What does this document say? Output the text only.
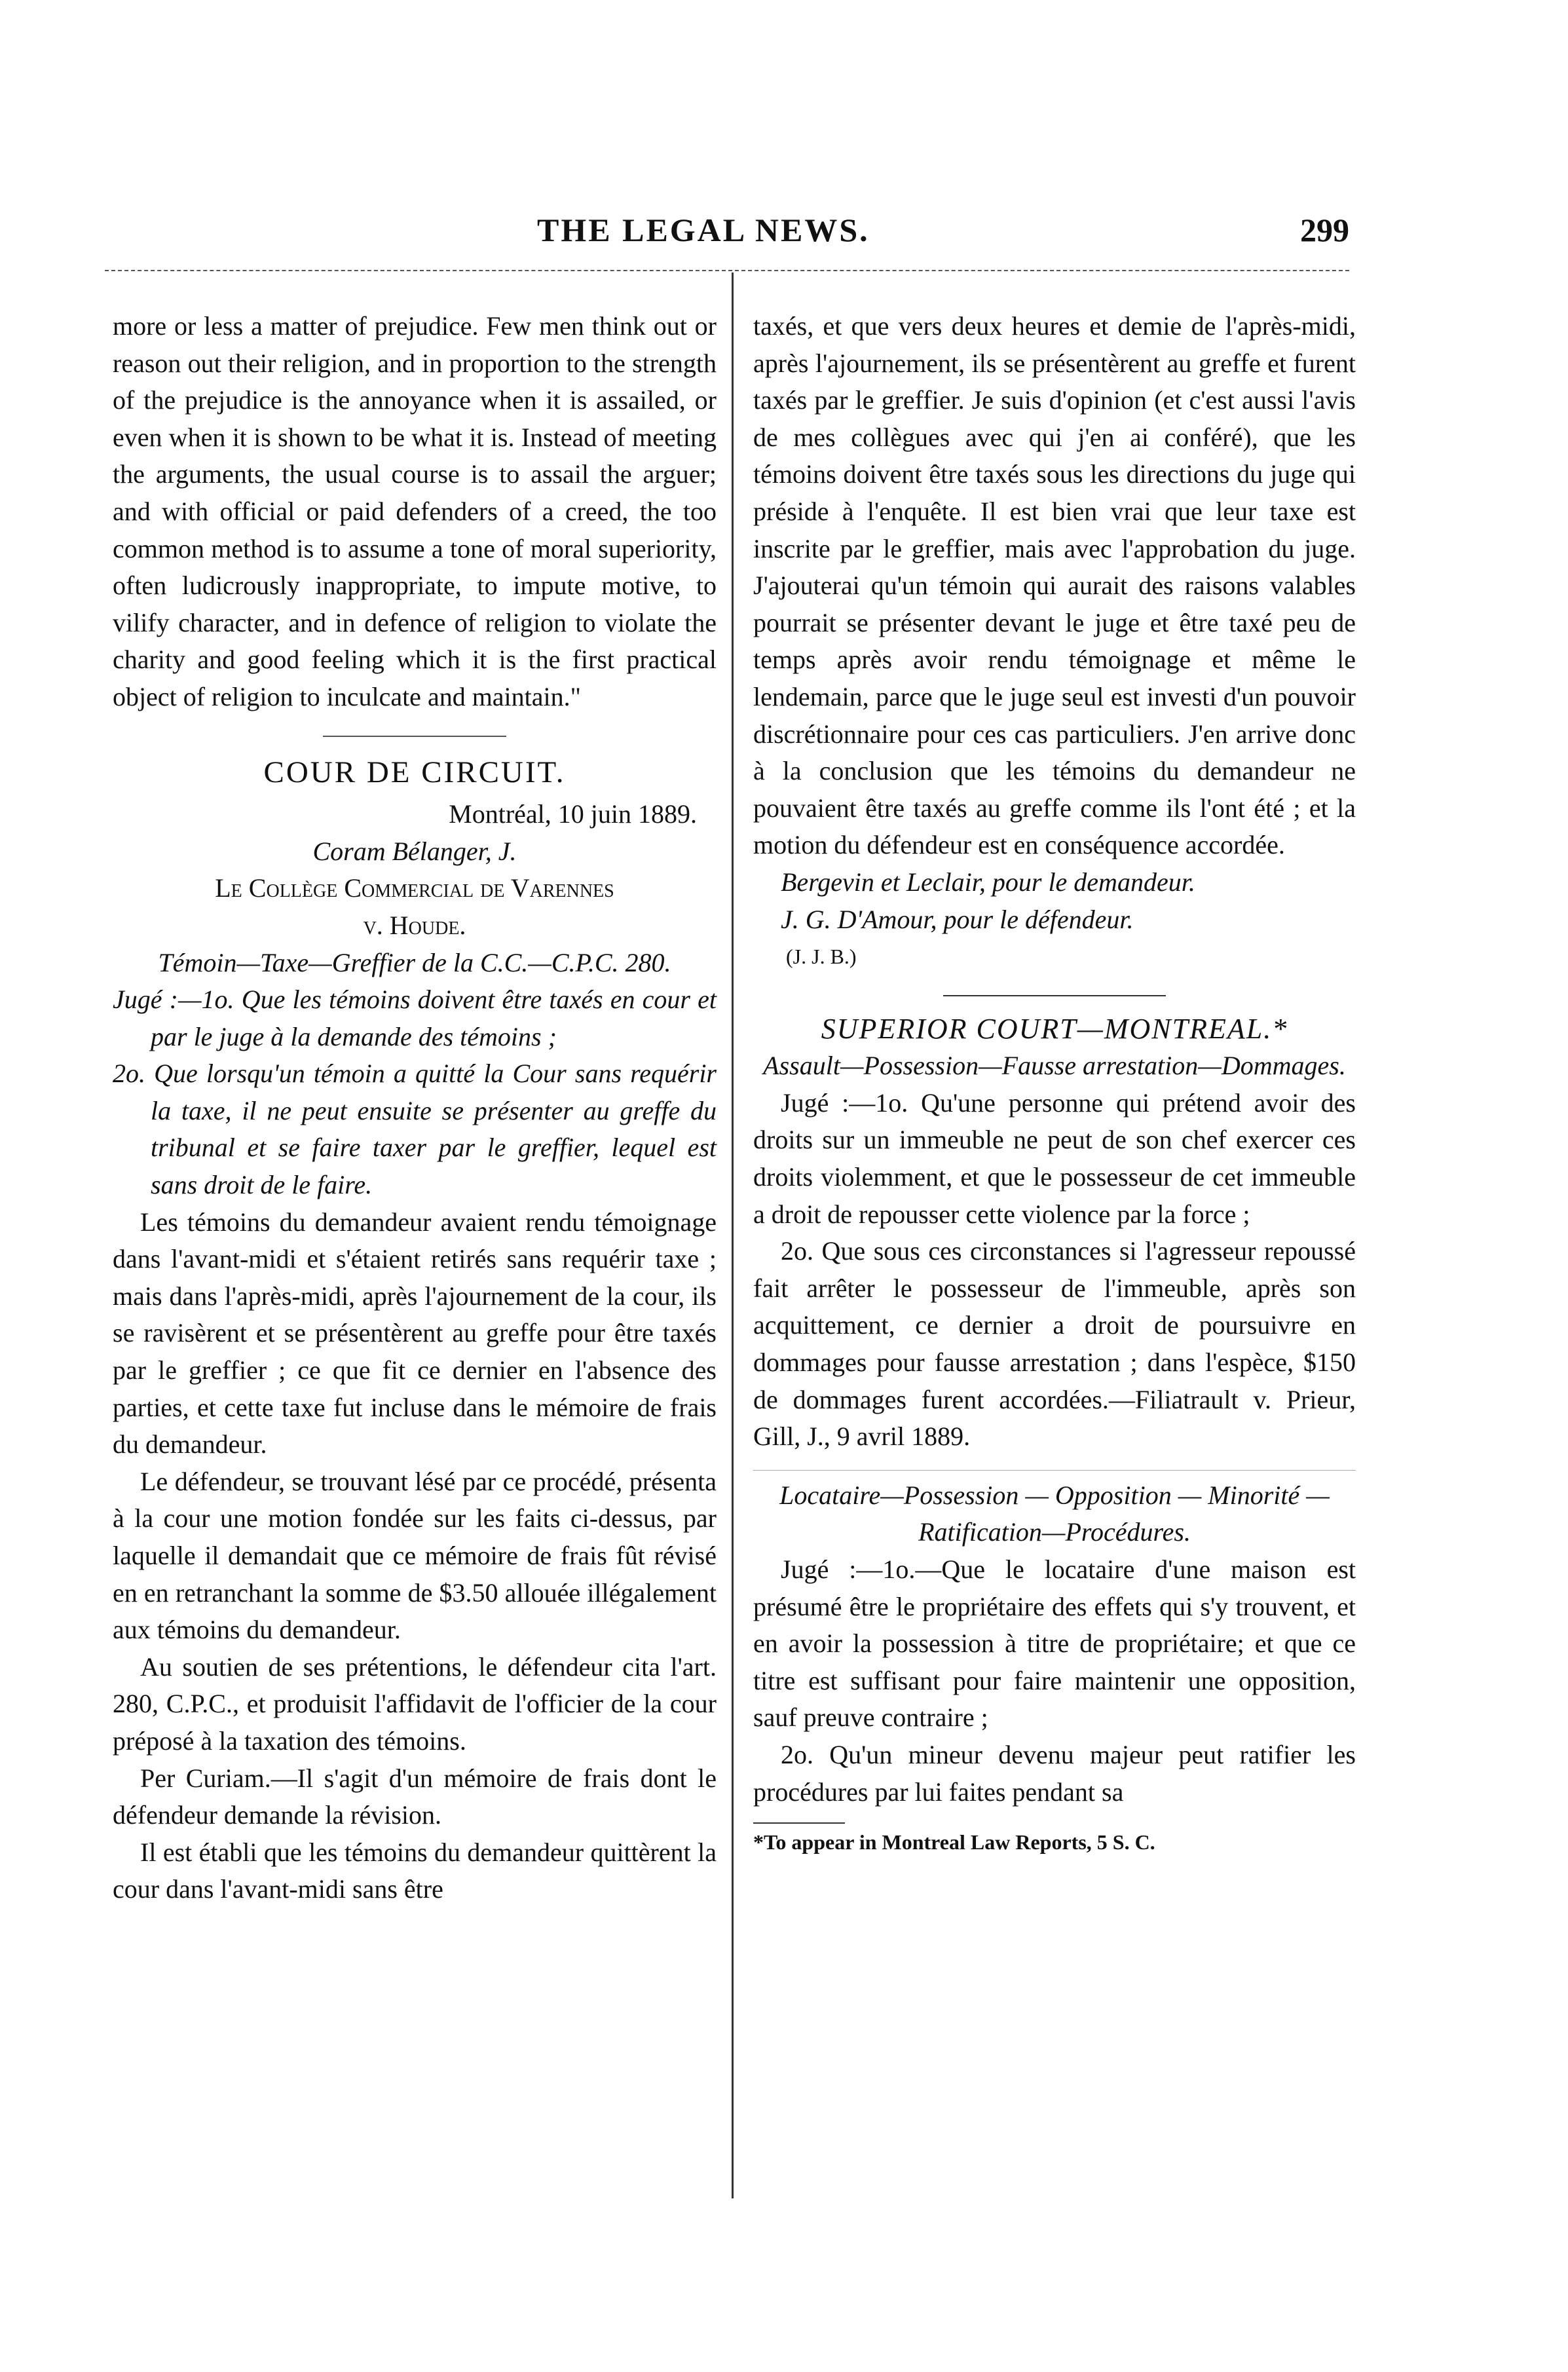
THE LEGAL NEWS.	299

more or less a matter of prejudice. Few men think out or reason out their religion, and in proportion to the strength of the prejudice is the annoyance when it is assailed, or even when it is shown to be what it is. Instead of meeting the arguments, the usual course is to assail the arguer; and with official or paid defenders of a creed, the too common method is to assume a tone of moral superiority, often ludicrously inappropriate, to impute motive, to vilify character, and in defence of religion to violate the charity and good feeling which it is the first practical object of religion to inculcate and maintain."

COUR DE CIRCUIT.

Montréal, 10 juin 1889.

Coram Bélanger, J.

Le Collège Commercial de Varennes

v. Houde.

Témoin—Taxe—Greffier de la C.C.—C.P.C. 280.

Jugé :—1o. Que les témoins doivent être taxés en cour et par le juge à la demande des témoins ;

2o. Que lorsqu'un témoin a quitté la Cour sans requérir la taxe, il ne peut ensuite se présenter au greffe du tribunal et se faire taxer par le greffier, lequel est sans droit de le faire.

Les témoins du demandeur avaient rendu témoignage dans l'avant-midi et s'étaient retirés sans requérir taxe ; mais dans l'après-midi, après l'ajournement de la cour, ils se ravisèrent et se présentèrent au greffe pour être taxés par le greffier ; ce que fit ce dernier en l'absence des parties, et cette taxe fut incluse dans le mémoire de frais du demandeur.

Le défendeur, se trouvant lésé par ce procédé, présenta à la cour une motion fondée sur les faits ci-dessus, par laquelle il demandait que ce mémoire de frais fût révisé en en retranchant la somme de $3.50 allouée illégalement aux témoins du demandeur.

Au soutien de ses prétentions, le défendeur cita l'art. 280, C.P.C., et produisit l'affidavit de l'officier de la cour préposé à la taxation des témoins.

Per Curiam.—Il s'agit d'un mémoire de frais dont le défendeur demande la révision.

Il est établi que les témoins du demandeur quittèrent la cour dans l'avant-midi sans être

taxés, et que vers deux heures et demie de l'après-midi, après l'ajournement, ils se présentèrent au greffe et furent taxés par le greffier. Je suis d'opinion (et c'est aussi l'avis de mes collègues avec qui j'en ai conféré), que les témoins doivent être taxés sous les directions du juge qui préside à l'enquête. Il est bien vrai que leur taxe est inscrite par le greffier, mais avec l'approbation du juge. J'ajouterai qu'un témoin qui aurait des raisons valables pourrait se présenter devant le juge et être taxé peu de temps après avoir rendu témoignage et même le lendemain, parce que le juge seul est investi d'un pouvoir discrétionnaire pour ces cas particuliers. J'en arrive donc à la conclusion que les témoins du demandeur ne pouvaient être taxés au greffe comme ils l'ont été ; et la motion du défendeur est en conséquence accordée.

Bergevin et Leclair, pour le demandeur.

J. G. D'Amour, pour le défendeur.

(J. J. B.)

SUPERIOR COURT—MONTREAL.*

Assault—Possession—Fausse arrestation—Dommages.

Jugé :—1o. Qu'une personne qui prétend avoir des droits sur un immeuble ne peut de son chef exercer ces droits violemment, et que le possesseur de cet immeuble a droit de repousser cette violence par la force ;

2o. Que sous ces circonstances si l'agresseur repoussé fait arrêter le possesseur de l'immeuble, après son acquittement, ce dernier a droit de poursuivre en dommages pour fausse arrestation ; dans l'espèce, $150 de dommages furent accordées.—Filiatrault v. Prieur, Gill, J., 9 avril 1889.

Locataire—Possession — Opposition — Minorité —Ratification—Procédures.

Jugé :—1o.—Que le locataire d'une maison est présumé être le propriétaire des effets qui s'y trouvent, et en avoir la possession à titre de propriétaire; et que ce titre est suffisant pour faire maintenir une opposition, sauf preuve contraire ;

2o. Qu'un mineur devenu majeur peut ratifier les procédures par lui faites pendant sa

*To appear in Montreal Law Reports, 5 S. C.
